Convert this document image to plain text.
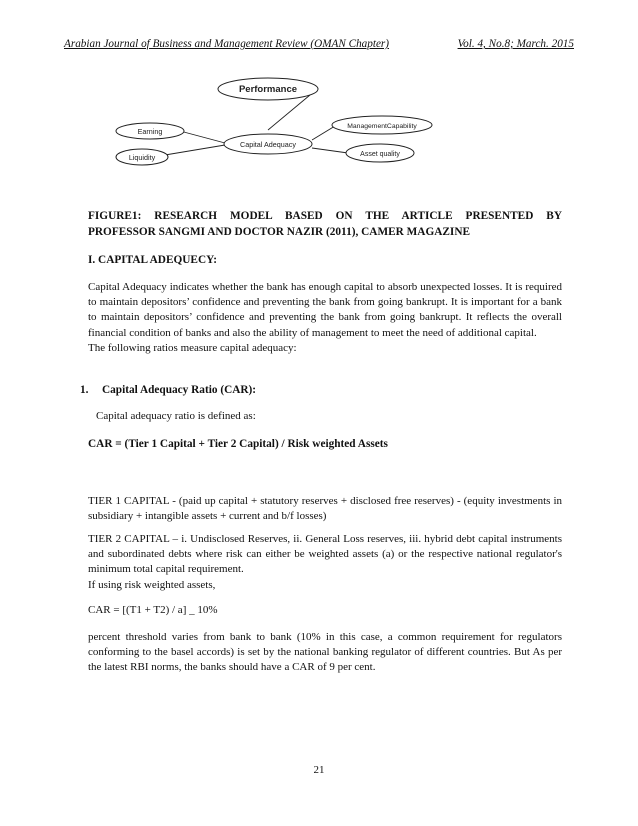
Arabian Journal of Business and Management Review (OMAN Chapter)	Vol. 4, No.8; March. 2015
Performance
Capital Adequacy
Earning
Liquidity
ManagementCapability
Asset quality
FIGURE1: RESEARCH MODEL BASED ON THE ARTICLE PRESENTED BY
PROFESSOR SANGMI AND DOCTOR NAZIR (2011), CAMER MAGAZINE
I. CAPITAL ADEQUECY:
Capital Adequacy indicates whether the bank has enough capital to absorb unexpected losses. It is required to maintain depositors’ confidence and preventing the bank from going bankrupt. It is important for a bank to maintain depositors’ confidence and preventing the bank from going bankrupt. It reflects the overall financial condition of banks and also the ability of management to meet the need of additional capital.
The following ratios measure capital adequacy:
1. Capital Adequacy Ratio (CAR):
Capital adequacy ratio is defined as:
CAR = (Tier 1 Capital + Tier 2 Capital) / Risk weighted Assets

TIER 1 CAPITAL - (paid up capital + statutory reserves + disclosed free reserves) - (equity investments in subsidiary + intangible assets + current and b/f losses)

TIER 2 CAPITAL – i. Undisclosed Reserves, ii. General Loss reserves, iii. hybrid debt capital instruments and subordinated debts where risk can either be weighted assets (a) or the respective national regulator's minimum total capital requirement.
If using risk weighted assets,
CAR = [(T1 + T2) / a] _ 10%

percent threshold varies from bank to bank (10% in this case, a common requirement for regulators conforming to the basel accords) is set by the national banking regulator of different countries. But As per the latest RBI norms, the banks should have a CAR of 9 per cent.

21
